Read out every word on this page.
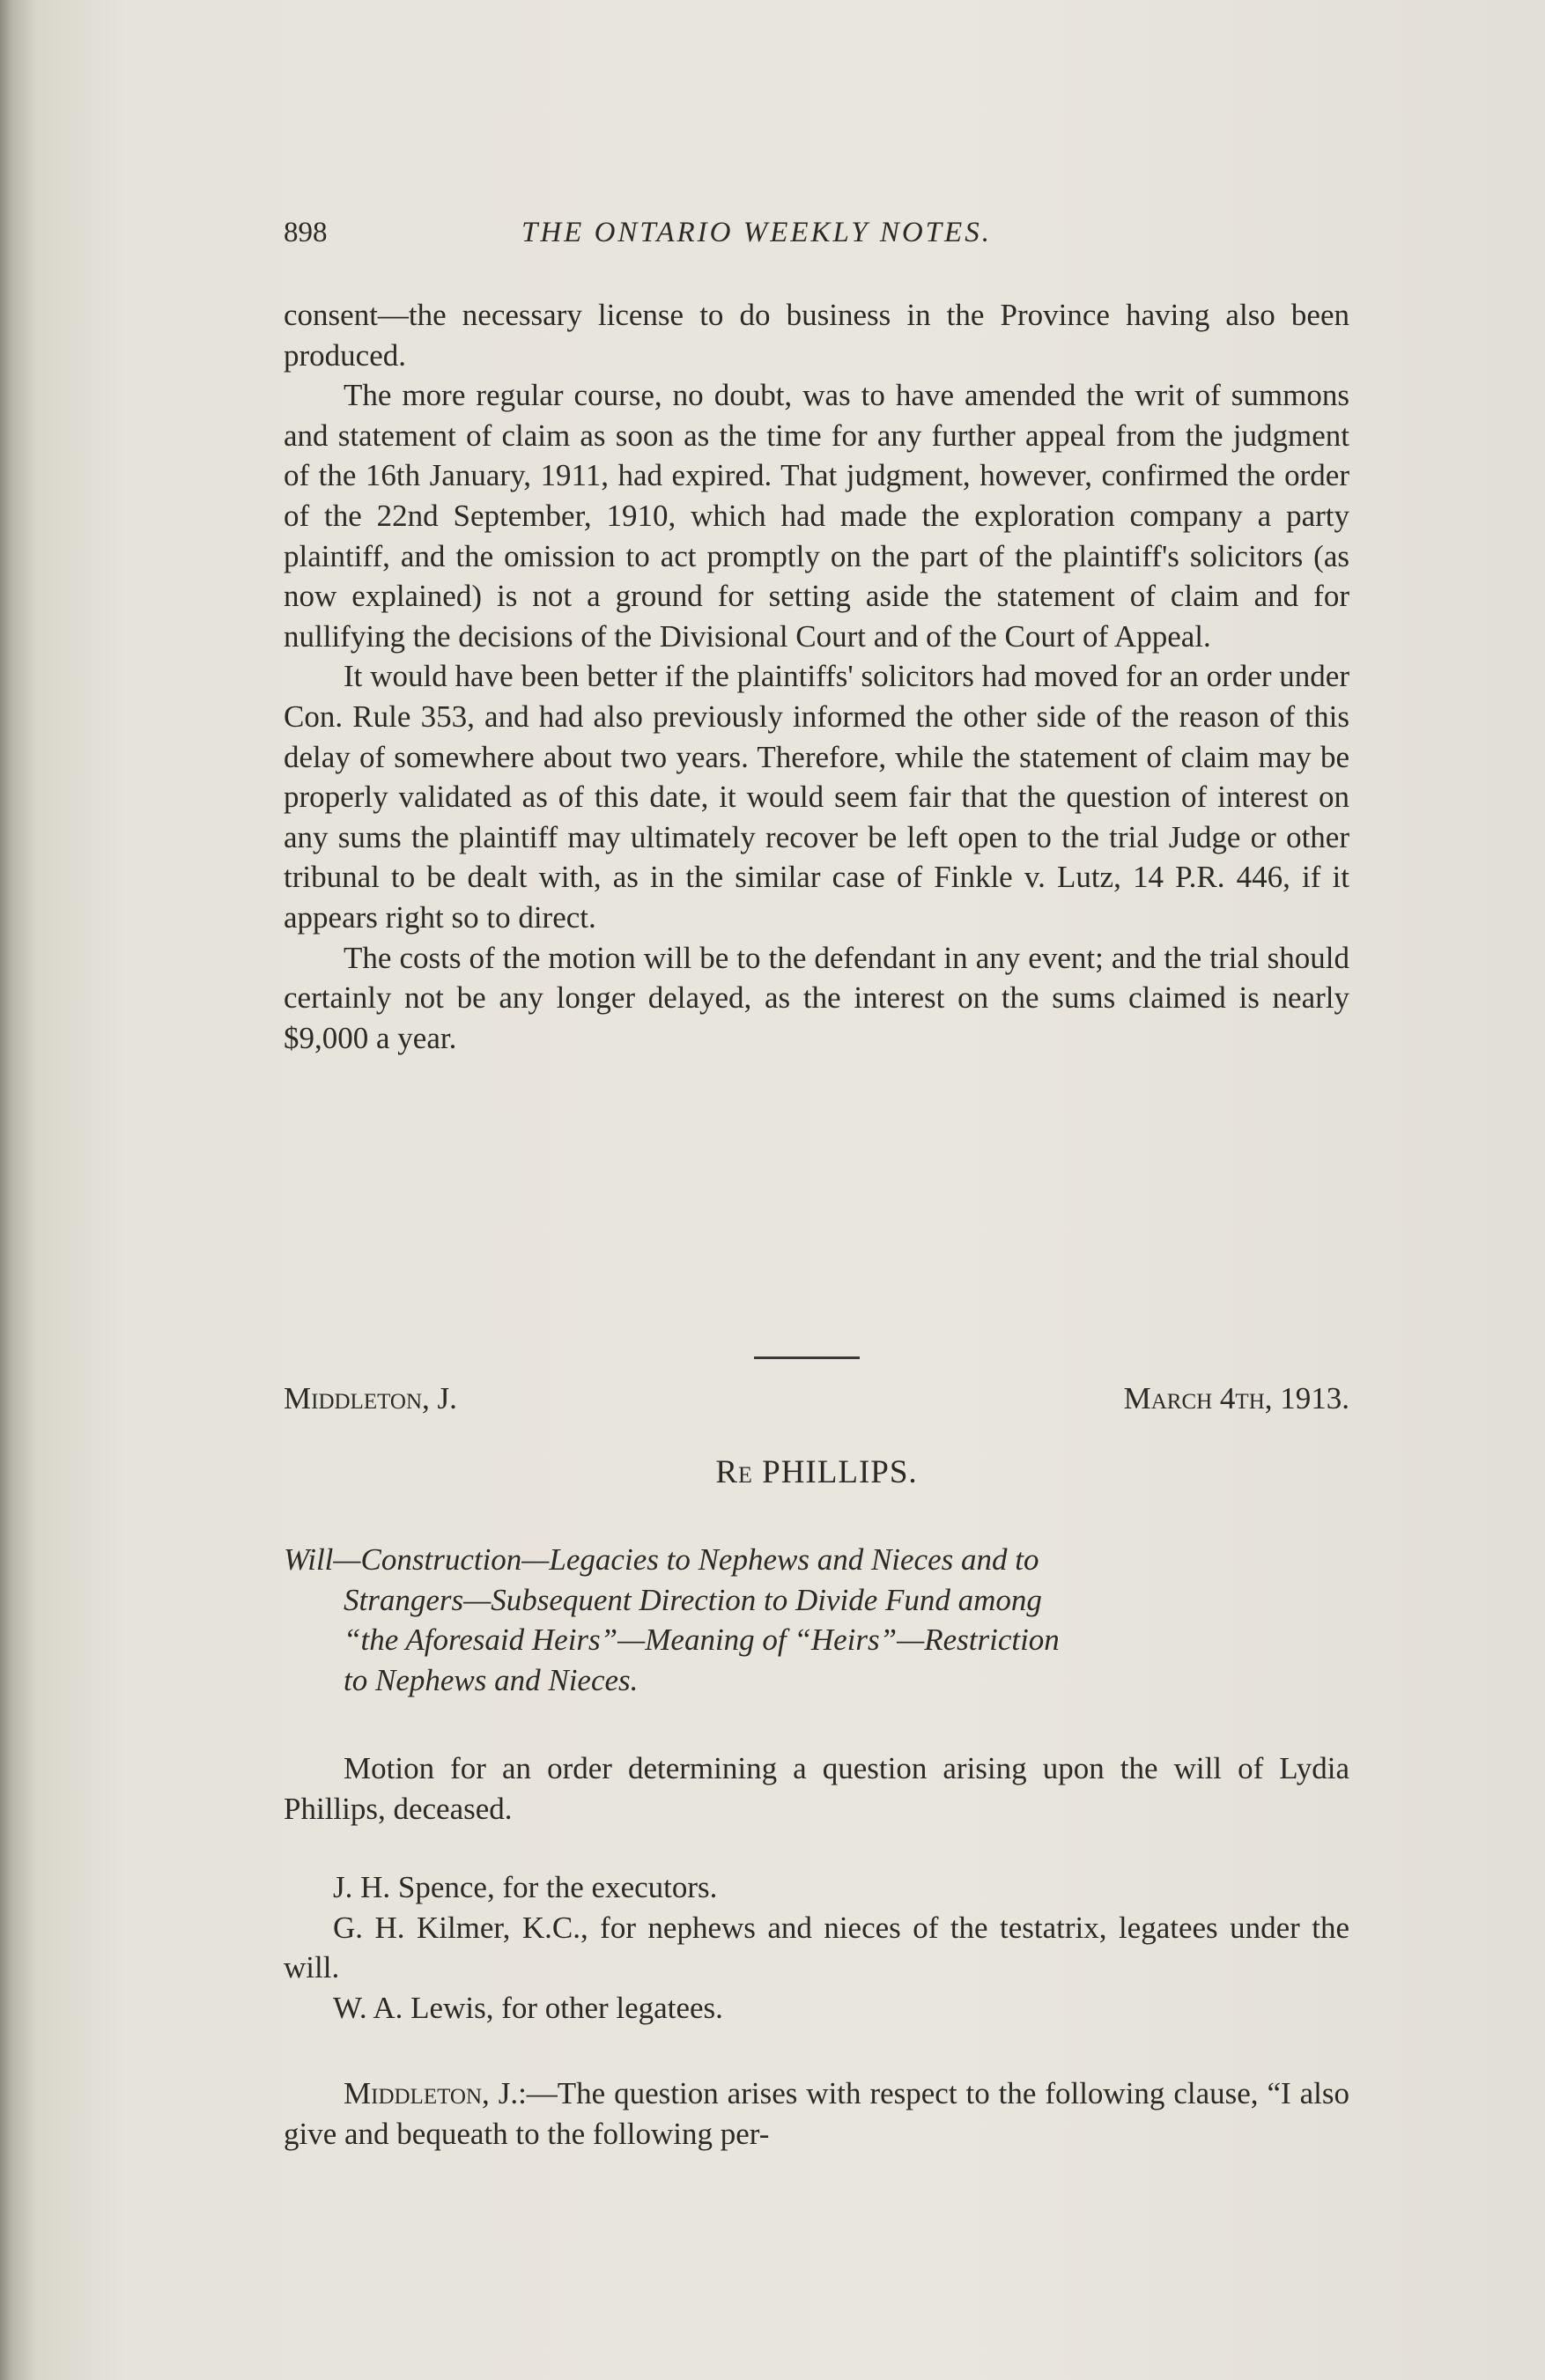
898	THE ONTARIO WEEKLY NOTES.

consent—the necessary license to do business in the Province having also been produced.

The more regular course, no doubt, was to have amended the writ of summons and statement of claim as soon as the time for any further appeal from the judgment of the 16th January, 1911, had expired. That judgment, however, confirmed the order of the 22nd September, 1910, which had made the exploration company a party plaintiff, and the omission to act promptly on the part of the plaintiff's solicitors (as now explained) is not a ground for setting aside the statement of claim and for nullifying the decisions of the Divisional Court and of the Court of Appeal.

It would have been better if the plaintiffs' solicitors had moved for an order under Con. Rule 353, and had also previously informed the other side of the reason of this delay of somewhere about two years. Therefore, while the statement of claim may be properly validated as of this date, it would seem fair that the question of interest on any sums the plaintiff may ultimately recover be left open to the trial Judge or other tribunal to be dealt with, as in the similar case of Finkle v. Lutz, 14 P.R. 446, if it appears right so to direct.

The costs of the motion will be to the defendant in any event; and the trial should certainly not be any longer delayed, as the interest on the sums claimed is nearly $9,000 a year.

Middleton, J.	March 4th, 1913.
Re PHILLIPS.
Will—Construction—Legacies to Nephews and Nieces and to
Strangers—Subsequent Direction to Divide Fund among
“the Aforesaid Heirs”—Meaning of “Heirs”—Restriction
to Nephews and Nieces.

Motion for an order determining a question arising upon the will of Lydia Phillips, deceased.

J. H. Spence, for the executors.

G. H. Kilmer, K.C., for nephews and nieces of the testatrix, legatees under the will.

W. A. Lewis, for other legatees.

Middleton, J.:—The question arises with respect to the following clause, “I also give and bequeath to the following per-
